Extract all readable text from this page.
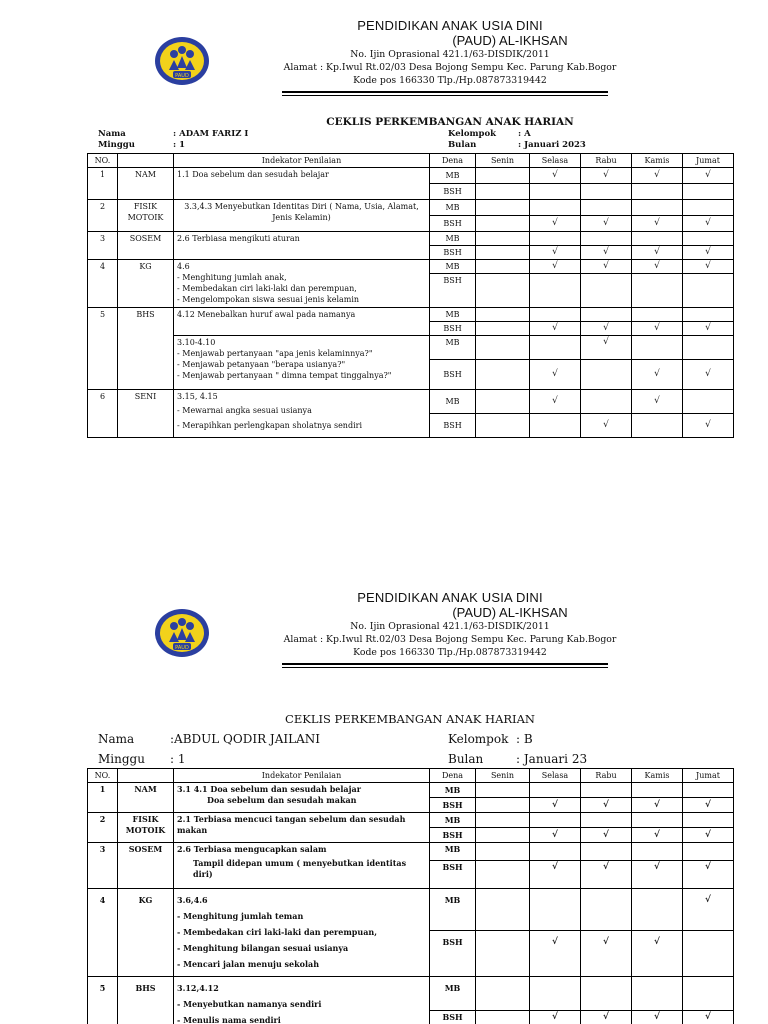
PAUD
PENDIDIKAN ANAK USIA DINI
(PAUD) AL-IKHSAN
No. Ijin Oprasional 421.1/63-DISDIK/2011
Alamat : Kp.Iwul Rt.02/03 Desa Bojong Sempu Kec. Parung Kab.Bogor
Kode pos 166330 Tlp./Hp.087873319442
CEKLIS PERKEMBANGAN ANAK HARIAN
Nama	: ADAM FARIZ I
Minggu	: 1
Kelompok	: A
Bulan	: Januari 2023
NO.		Indekator Penilaian	Dena	Senin	Selasa	Rabu	Kamis	Jumat
1	NAM	1.1 Doa sebelum dan sesudah belajar	MB		√	√	√	√
			BSH					
2	FISIK MOTOIK	3.3,4.3 Menyebutkan Identitas Diri ( Nama, Usia, Alamat, Jenis Kelamin)	MB					
			BSH		√	√	√	√
3	SOSEM	2.6 Terbiasa mengikuti aturan	MB					
			BSH		√	√	√	√
4	KG	4.6
- Menghitung jumlah anak,
- Membedakan ciri laki-laki dan perempuan,
- Mengelompokan siswa sesuai jenis kelamin	MB		√	√	√	√
			BSH					
5	BHS	4.12 Menebalkan huruf awal pada namanya	MB					
			BSH		√	√	√	√

		3.10-4.10
- Menjawab pertanyaan "apa jenis kelaminnya?"
- Menjawab petanyaan "berapa usianya?"
- Menjawab pertanyaan " dimna tempat tinggalnya?"	MB			√		
			BSH		√		√	√
6	SENI	3.15, 4.15
- Mewarnai angka sesuai usianya
- Merapihkan perlengkapan sholatnya sendiri	MB		√		√	
			BSH			√		√
PAUD
PENDIDIKAN ANAK USIA DINI
(PAUD) AL-IKHSAN
No. Ijin Oprasional 421.1/63-DISDIK/2011
Alamat : Kp.Iwul Rt.02/03 Desa Bojong Sempu Kec. Parung Kab.Bogor
Kode pos 166330 Tlp./Hp.087873319442
CEKLIS PERKEMBANGAN ANAK HARIAN
Nama	:ABDUL QODIR JAILANI
Minggu : 1
Kelompok : B
Bulan	: Januari 23
NO.		Indekator Penilaian	Dena	Senin	Selasa	Rabu	Kamis	Jumat
1	NAM	3.1 4.1 Doa sebelum dan sesudah belajar
Doa sebelum dan sesudah makan	MB					
			BSH		√	√	√	√
2	FISIK MOTOIK	2.1 Terbiasa mencuci tangan sebelum dan sesudah makan	MB					
			BSH		√	√	√	√
3	SOSEM	2.6 Terbiasa mengucapkan salam
Tampil didepan umum ( menyebutkan identitas diri)	MB					
			BSH		√	√	√	√
4	KG	3.6,4.6
- Menghitung jumlah teman
- Membedakan ciri laki-laki dan perempuan,
- Menghitung bilangan sesuai usianya
- Mencari jalan menuju sekolah	MB					√
			BSH		√	√	√	
5	BHS	3.12,4.12
- Menyebutkan namanya sendiri
- Menulis nama sendiri	MB					
			BSH		√	√	√	√
